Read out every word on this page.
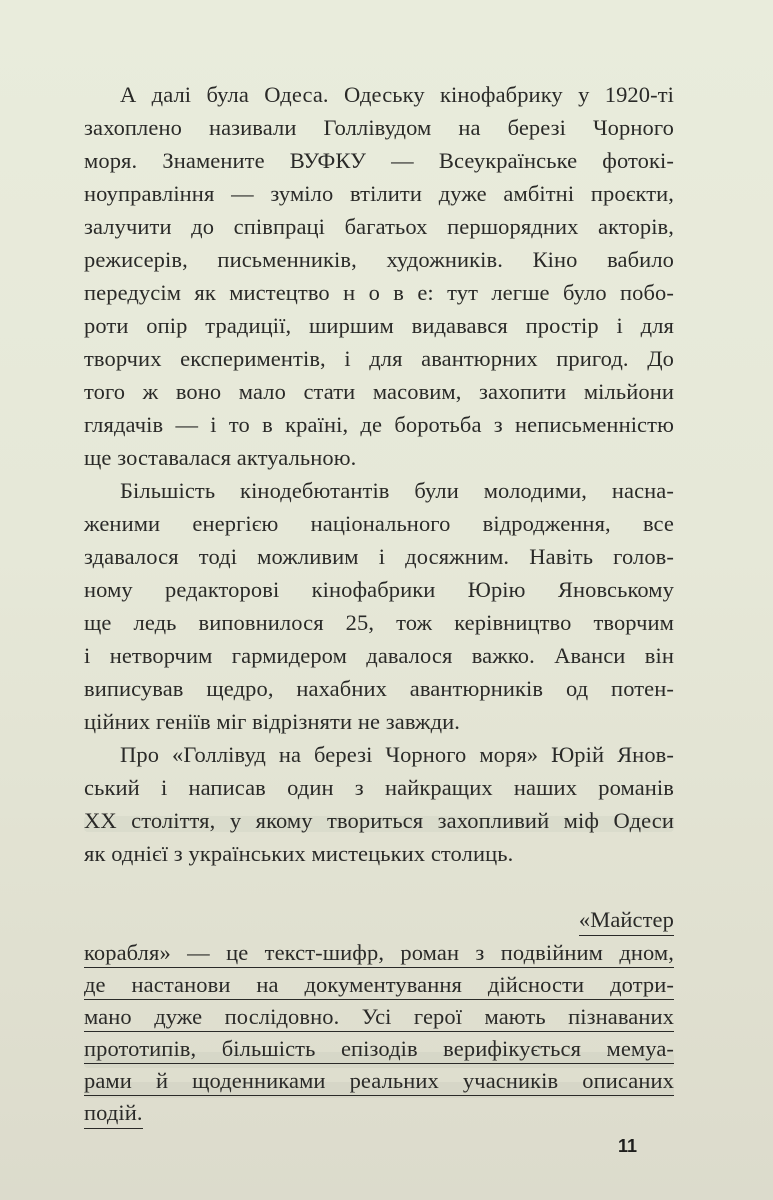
А далі була Одеса. Одеську кінофабрику у 1920-ті
захоплено називали Голлівудом на березі Чорного
моря. Знамените ВУФКУ — Всеукраїнське фотокі-
ноуправління — зуміло втілити дуже амбітні проєкти,
залучити до співпраці багатьох першорядних акторів,
режисерів, письменників, художників. Кіно вабило
передусім як мистецтво н о в е: тут легше було побо-
роти опір традиції, ширшим видавався простір і для
творчих експериментів, і для авантюрних пригод. До
того ж воно мало стати масовим, захопити мільйони
глядачів — і то в країні, де боротьба з неписьменністю
ще зоставалася актуальною.
Більшість кінодебютантів були молодими, насна-
женими енергією національного відродження, все
здавалося тоді можливим і досяжним. Навіть голов-
ному редакторові кінофабрики Юрію Яновському
ще ледь виповнилося 25, тож керівництво творчим
і нетворчим гармидером давалося важко. Аванси він
виписував щедро, нахабних авантюрників од потен-
ційних геніїв міг відрізняти не завжди.
Про «Голлівуд на березі Чорного моря» Юрій Янов-
ський і написав один з найкращих наших романів
XX століття, у якому твориться захопливий міф Одеси
як однієї з українських мистецьких столиць.
«Майстер
корабля» — це текст-шифр, роман з подвійним дном,
де настанови на документування дійсности дотри-
мано дуже послідовно. Усі герої мають пізнаваних
прототипів, більшість епізодів верифікується мемуа-
рами й щоденниками реальних учасників описаних
подій.
11
